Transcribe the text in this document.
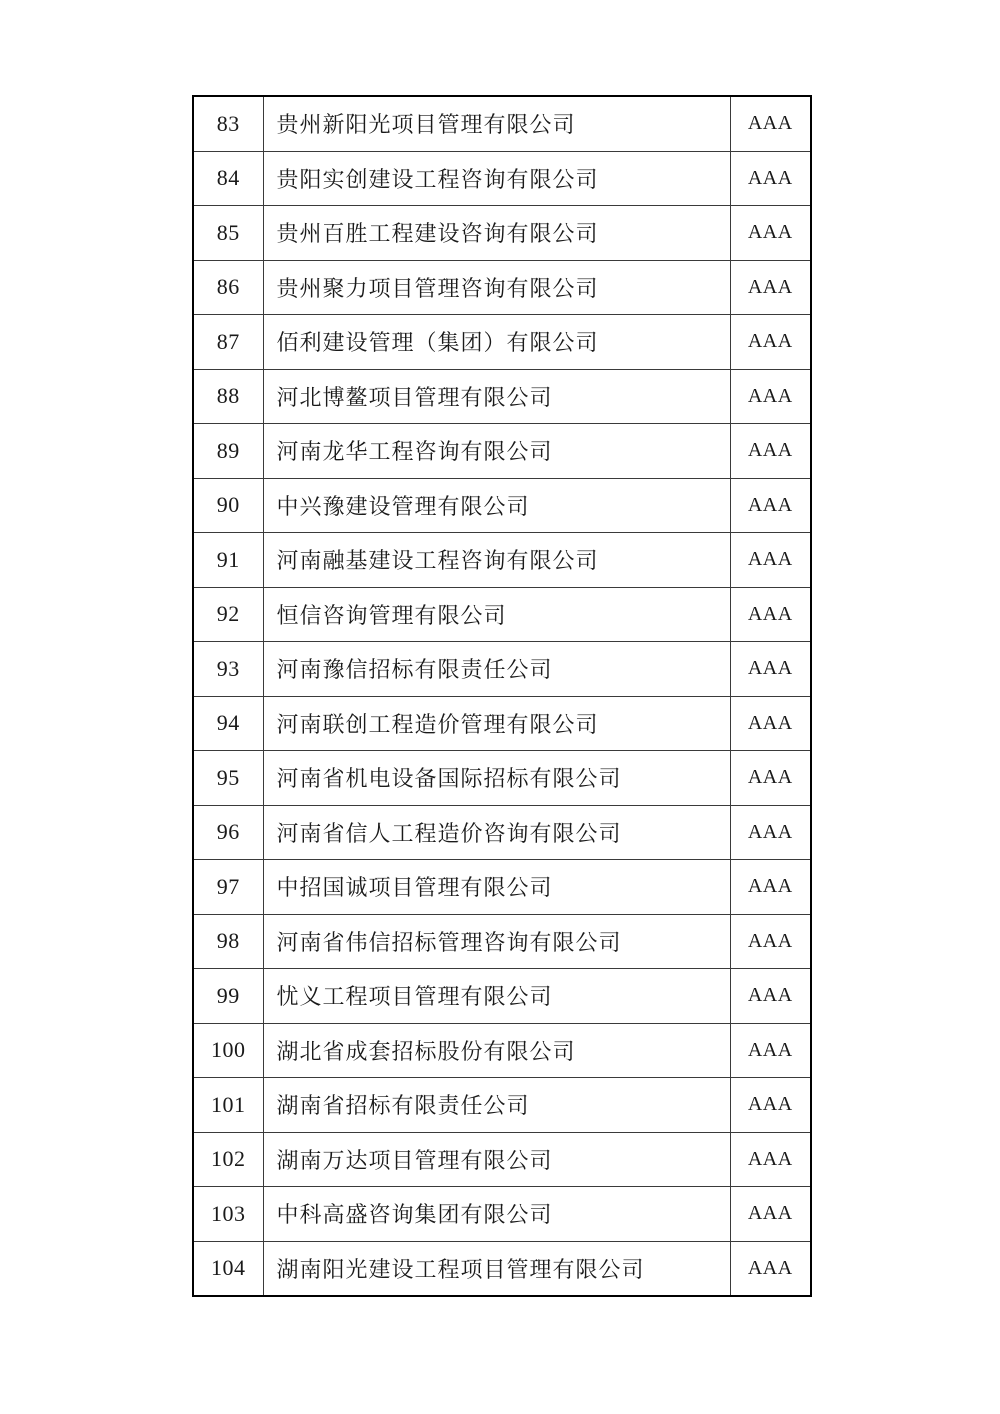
83	贵州新阳光项目管理有限公司	AAA
84	贵阳实创建设工程咨询有限公司	AAA
85	贵州百胜工程建设咨询有限公司	AAA
86	贵州聚力项目管理咨询有限公司	AAA
87	佰利建设管理（集团）有限公司	AAA
88	河北博鳌项目管理有限公司	AAA
89	河南龙华工程咨询有限公司	AAA
90	中兴豫建设管理有限公司	AAA
91	河南融基建设工程咨询有限公司	AAA
92	恒信咨询管理有限公司	AAA
93	河南豫信招标有限责任公司	AAA
94	河南联创工程造价管理有限公司	AAA
95	河南省机电设备国际招标有限公司	AAA
96	河南省信人工程造价咨询有限公司	AAA
97	中招国诚项目管理有限公司	AAA
98	河南省伟信招标管理咨询有限公司	AAA
99	忧义工程项目管理有限公司	AAA
100	湖北省成套招标股份有限公司	AAA
101	湖南省招标有限责任公司	AAA
102	湖南万达项目管理有限公司	AAA
103	中科高盛咨询集团有限公司	AAA
104	湖南阳光建设工程项目管理有限公司	AAA
